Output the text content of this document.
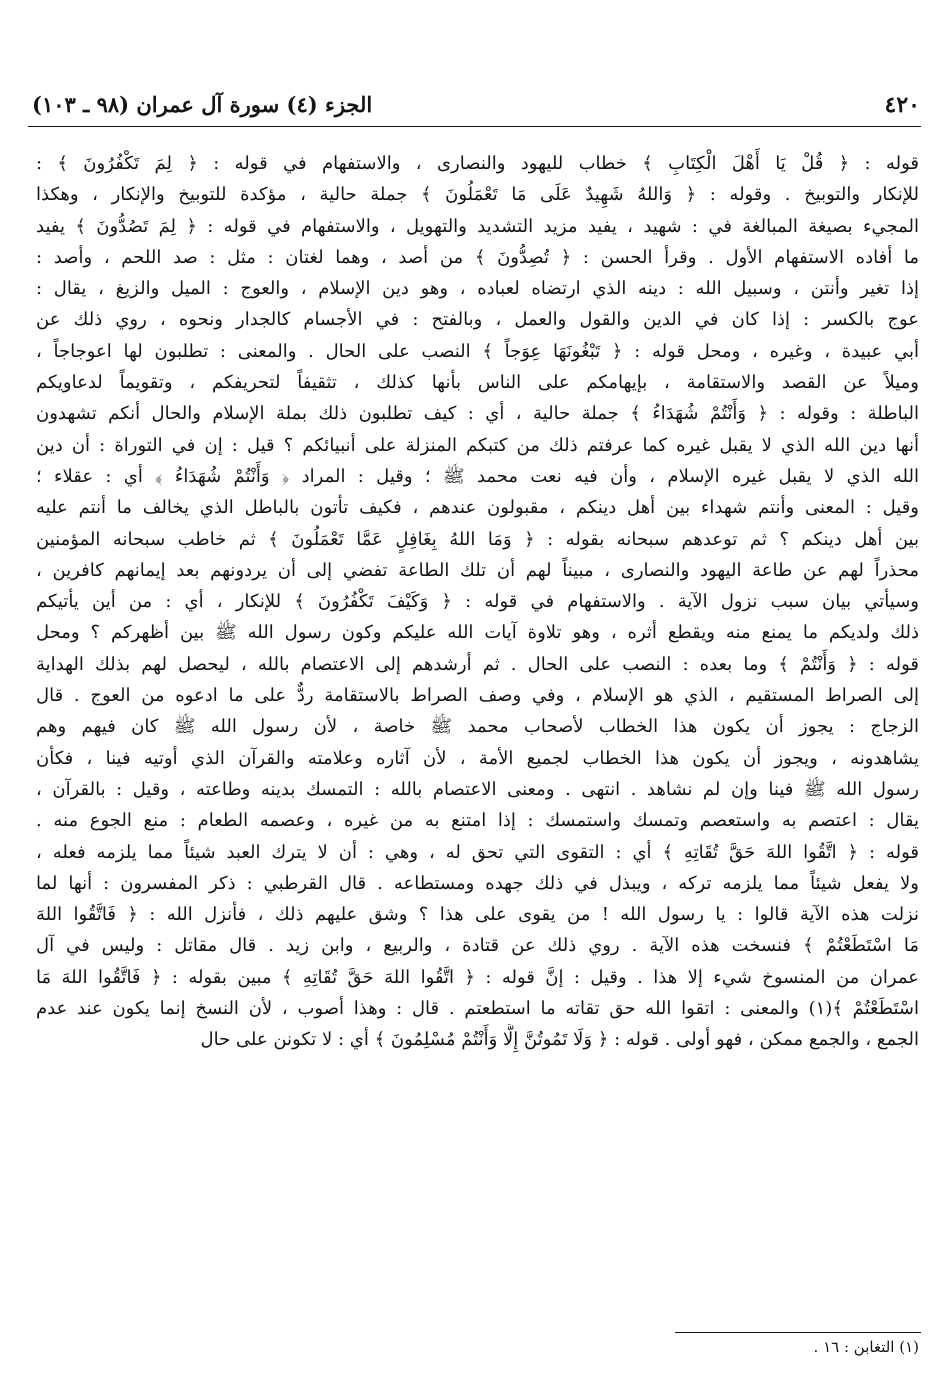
٤٢٠
الجزء (٤) سورة آل عمران (٩٨ ـ ١٠٣)
قوله : ﴿ قُلْ يَا أَهْلَ الْكِتَابِ ﴾ خطاب لليهود والنصارى ، والاستفهام في قوله : ﴿ لِمَ تَكْفُرُونَ ﴾ :
للإنكار والتوبيخ . وقوله : ﴿ وَاللهُ شَهِيدٌ عَلَى مَا تَعْمَلُونَ ﴾ جملة حالية ، مؤكدة للتوبيخ والإنكار ، وهكذا
المجيء بصيغة المبالغة في : شهيد ، يفيد مزيد التشديد والتهويل ، والاستفهام في قوله : ﴿ لِمَ تَصُدُّونَ ﴾ يفيد
ما أفاده الاستفهام الأول . وقرأ الحسن : ﴿ تُصِدُّونَ ﴾ من أصد ، وهما لغتان : مثل : صد اللحم ، وأصد :
إذا تغير وأنتن ، وسبيل الله : دينه الذي ارتضاه لعباده ، وهو دين الإسلام ، والعوج : الميل والزيغ ، يقال :
عوج بالكسر : إذا كان في الدين والقول والعمل ، وبالفتح : في الأجسام كالجدار ونحوه ، روي ذلك عن
أبي عبيدة ، وغيره ، ومحل قوله : ﴿ تَبْغُونَهَا عِوَجاً ﴾ النصب على الحال . والمعنى : تطلبون لها اعوجاجاً ،
وميلاً عن القصد والاستقامة ، بإيهامكم على الناس بأنها كذلك ، تثقيفاً لتحريفكم ، وتقويماً لدعاويكم
الباطلة : وقوله : ﴿ وَأَنْتُمْ شُهَدَاءُ ﴾ جملة حالية ، أي : كيف تطلبون ذلك بملة الإسلام والحال أنكم تشهدون
أنها دين الله الذي لا يقبل غيره كما عرفتم ذلك من كتبكم المنزلة على أنبيائكم ؟ قيل : إن في التوراة : أن دين
الله الذي لا يقبل غيره الإسلام ، وأن فيه نعت محمد ﷺ ؛ وقيل : المراد ﴿ وَأَنْتُمْ شُهَدَاءُ ﴾ أي : عقلاء ؛
وقيل : المعنى وأنتم شهداء بين أهل دينكم ، مقبولون عندهم ، فكيف تأتون بالباطل الذي يخالف ما أنتم عليه
بين أهل دينكم ؟ ثم توعدهم سبحانه بقوله : ﴿ وَمَا اللهُ بِغَافِلٍ عَمَّا تَعْمَلُونَ ﴾ ثم خاطب سبحانه المؤمنين
محذراً لهم عن طاعة اليهود والنصارى ، مبيناً لهم أن تلك الطاعة تفضي إلى أن يردونهم بعد إيمانهم كافرين ،
وسيأتي بيان سبب نزول الآية . والاستفهام في قوله : ﴿ وَكَيْفَ تَكْفُرُونَ ﴾ للإنكار ، أي : من أين يأتيكم
ذلك ولديكم ما يمنع منه ويقطع أثره ، وهو تلاوة آيات الله عليكم وكون رسول الله ﷺ بين أظهركم ؟ ومحل
قوله : ﴿ وَأَنْتُمْ ﴾ وما بعده : النصب على الحال . ثم أرشدهم إلى الاعتصام بالله ، ليحصل لهم بذلك الهداية
إلى الصراط المستقيم ، الذي هو الإسلام ، وفي وصف الصراط بالاستقامة ردٌّ على ما ادعوه من العوج . قال
الزجاج : يجوز أن يكون هذا الخطاب لأصحاب محمد ﷺ خاصة ، لأن رسول الله ﷺ كان فيهم وهم
يشاهدونه ، ويجوز أن يكون هذا الخطاب لجميع الأمة ، لأن آثاره وعلامته والقرآن الذي أوتيه فينا ، فكأن
رسول الله ﷺ فينا وإن لم نشاهد . انتهى . ومعنى الاعتصام بالله : التمسك بدينه وطاعته ، وقيل : بالقرآن ،
يقال : اعتصم به واستعصم وتمسك واستمسك : إذا امتنع به من غيره ، وعصمه الطعام : منع الجوع منه .
قوله : ﴿ اتَّقُوا اللهَ حَقَّ تُقَاتِهِ ﴾ أي : التقوى التي تحق له ، وهي : أن لا يترك العبد شيئاً مما يلزمه فعله ،
ولا يفعل شيئاً مما يلزمه تركه ، ويبذل في ذلك جهده ومستطاعه . قال القرطبي : ذكر المفسرون : أنها لما
نزلت هذه الآية قالوا : يا رسول الله ! من يقوى على هذا ؟ وشق عليهم ذلك ، فأنزل الله : ﴿ فَاتَّقُوا اللهَ
مَا اسْتَطَعْتُمْ ﴾ فنسخت هذه الآية . روي ذلك عن قتادة ، والربيع ، وابن زيد . قال مقاتل : وليس في آل
عمران من المنسوخ شيء إلا هذا . وقيل : إنَّ قوله : ﴿ اتَّقُوا اللهَ حَقَّ تُقَاتِهِ ﴾ مبين بقوله : ﴿ فَاتَّقُوا اللهَ مَا
اسْتَطَعْتُمْ ﴾(١) والمعنى : اتقوا الله حق تقاته ما استطعتم . قال : وهذا أصوب ، لأن النسخ إنما يكون عند عدم
الجمع ، والجمع ممكن ، فهو أولى . قوله : ﴿ وَلَا تَمُوتُنَّ إِلَّا وَأَنْتُمْ مُسْلِمُونَ ﴾ أي : لا تكونن على حال
(١) التغابن : ١٦ .
